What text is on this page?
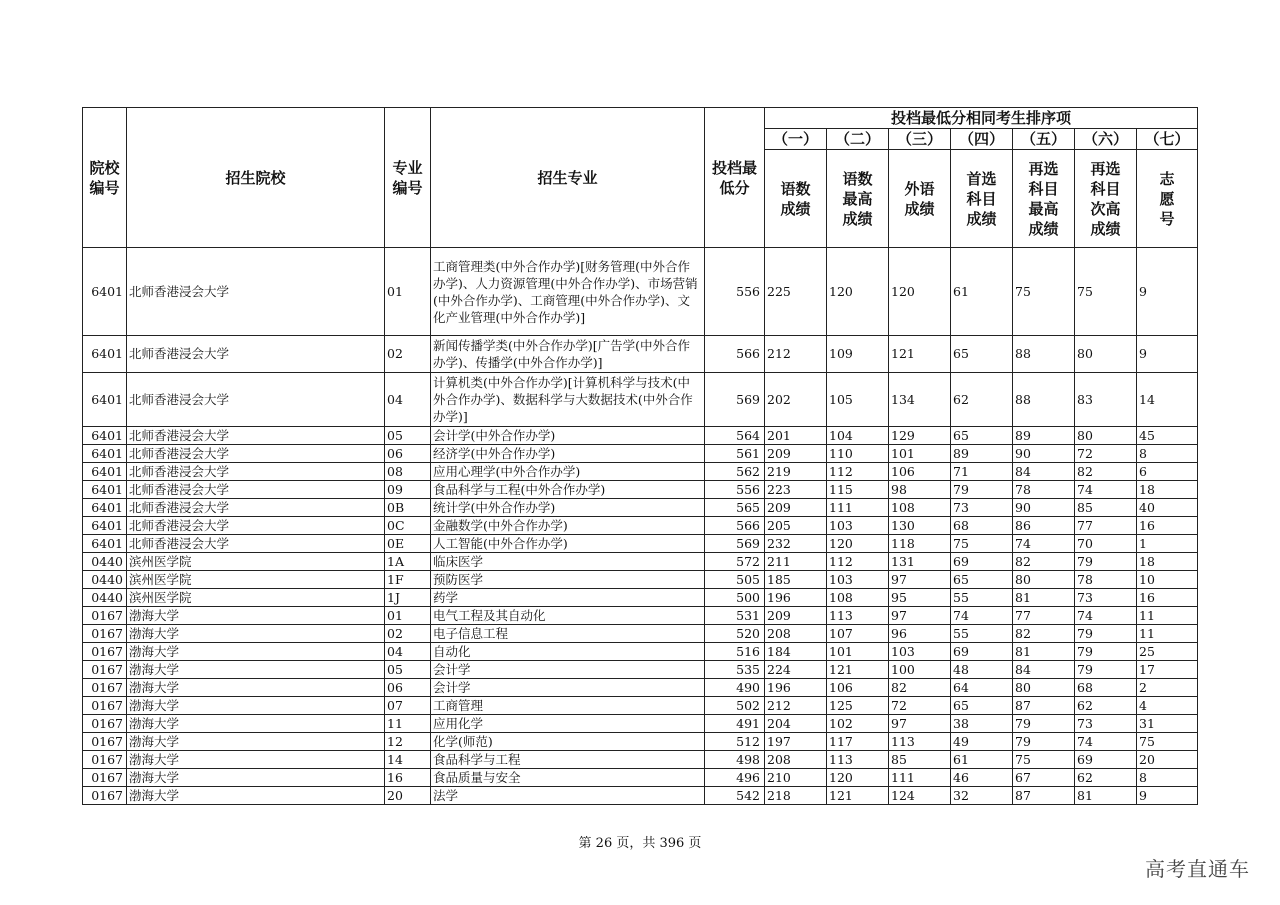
院校编号	招生院校	专业编号	招生专业	投档最低分	投档最低分相同考生排序项						
					（一）	（二）	（三）	（四）	（五）	（六）	（七）
					语数成绩	语数最高成绩	外语成绩	首选科目成绩	再选科目最高成绩	再选科目次高成绩	志愿号
6401	北师香港浸会大学	01	工商管理类(中外合作办学)[财务管理(中外合作办学)、人力资源管理(中外合作办学)、市场营销(中外合作办学)、工商管理(中外合作办学)、文化产业管理(中外合作办学)]	556	225	120	120	61	75	75	9
6401	北师香港浸会大学	02	新闻传播学类(中外合作办学)[广告学(中外合作办学)、传播学(中外合作办学)]	566	212	109	121	65	88	80	9
6401	北师香港浸会大学	04	计算机类(中外合作办学)[计算机科学与技术(中外合作办学)、数据科学与大数据技术(中外合作办学)]	569	202	105	134	62	88	83	14
6401	北师香港浸会大学	05	会计学(中外合作办学)	564	201	104	129	65	89	80	45
6401	北师香港浸会大学	06	经济学(中外合作办学)	561	209	110	101	89	90	72	8
6401	北师香港浸会大学	08	应用心理学(中外合作办学)	562	219	112	106	71	84	82	6
6401	北师香港浸会大学	09	食品科学与工程(中外合作办学)	556	223	115	98	79	78	74	18
6401	北师香港浸会大学	0B	统计学(中外合作办学)	565	209	111	108	73	90	85	40
6401	北师香港浸会大学	0C	金融数学(中外合作办学)	566	205	103	130	68	86	77	16
6401	北师香港浸会大学	0E	人工智能(中外合作办学)	569	232	120	118	75	74	70	1
0440	滨州医学院	1A	临床医学	572	211	112	131	69	82	79	18
0440	滨州医学院	1F	预防医学	505	185	103	97	65	80	78	10
0440	滨州医学院	1J	药学	500	196	108	95	55	81	73	16
0167	渤海大学	01	电气工程及其自动化	531	209	113	97	74	77	74	11
0167	渤海大学	02	电子信息工程	520	208	107	96	55	82	79	11
0167	渤海大学	04	自动化	516	184	101	103	69	81	79	25
0167	渤海大学	05	会计学	535	224	121	100	48	84	79	17
0167	渤海大学	06	会计学	490	196	106	82	64	80	68	2
0167	渤海大学	07	工商管理	502	212	125	72	65	87	62	4
0167	渤海大学	11	应用化学	491	204	102	97	38	79	73	31
0167	渤海大学	12	化学(师范)	512	197	117	113	49	79	74	75
0167	渤海大学	14	食品科学与工程	498	208	113	85	61	75	69	20
0167	渤海大学	16	食品质量与安全	496	210	120	111	46	67	62	8
0167	渤海大学	20	法学	542	218	121	124	32	87	81	9
第 26 页，共 396 页
高考直通车
